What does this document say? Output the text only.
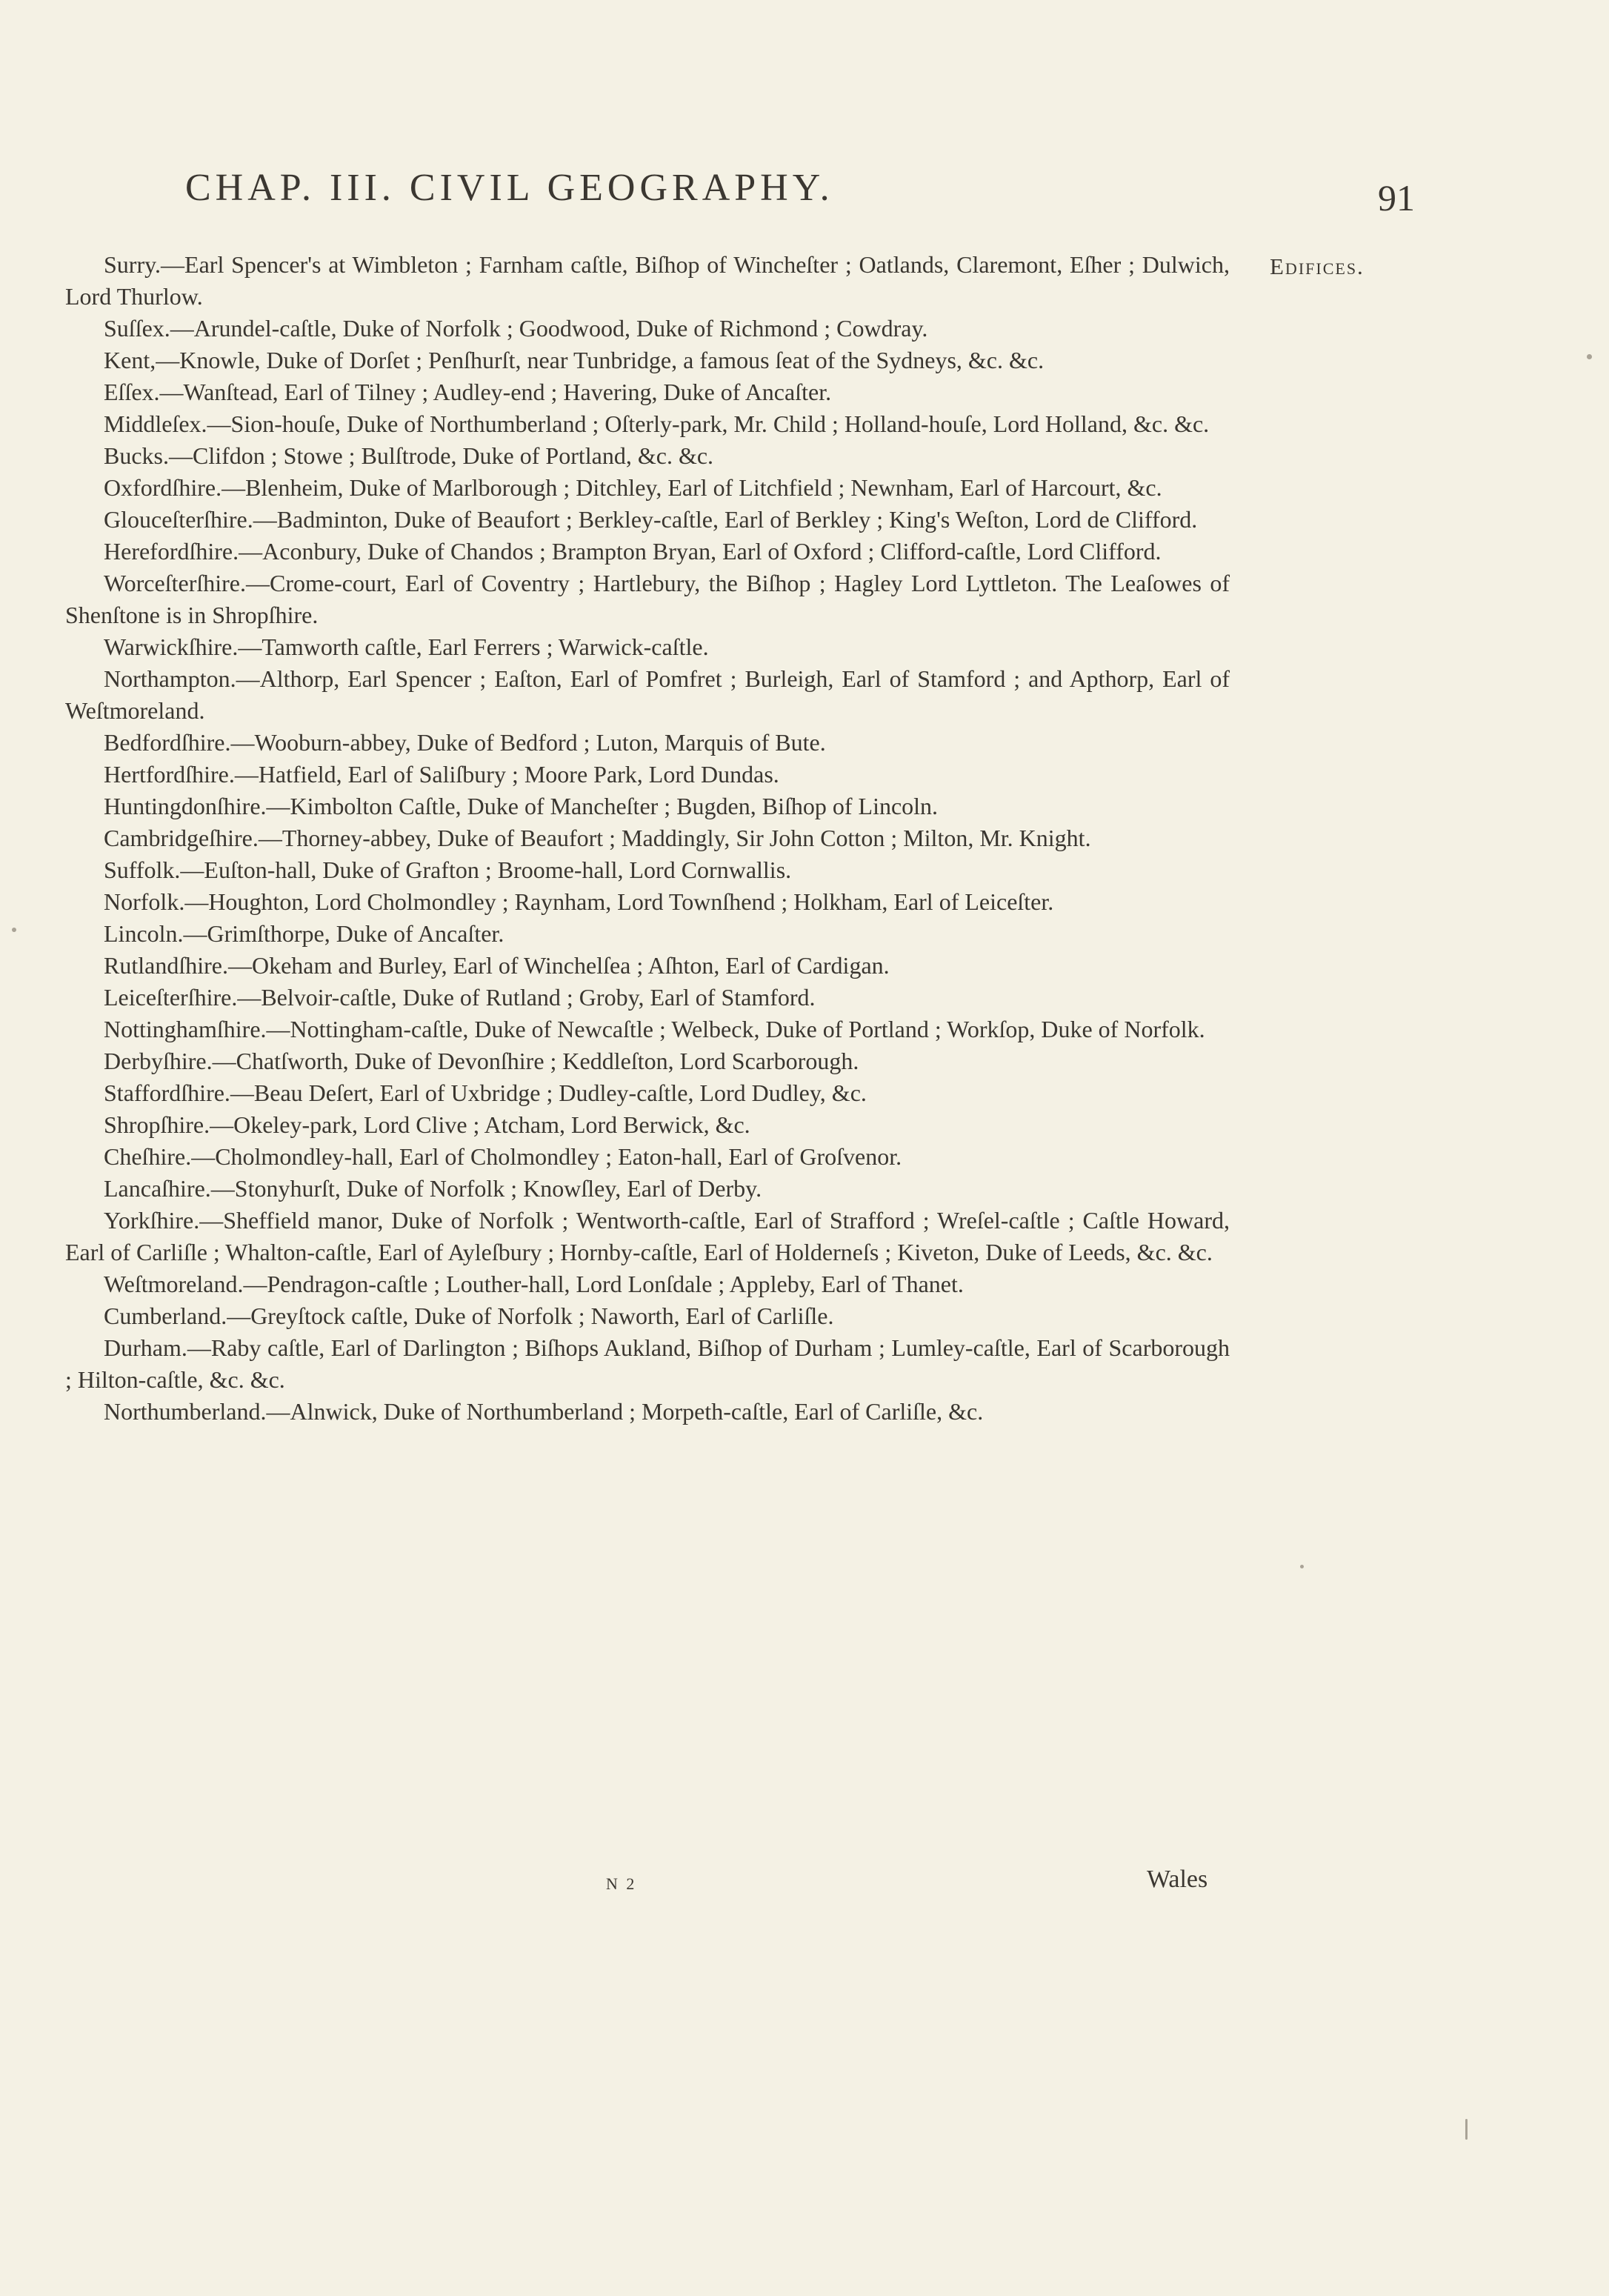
CHAP. III. CIVIL GEOGRAPHY.	91
Edifices.

Surry.—Earl Spencer's at Wimbleton ; Farnham caſtle, Biſhop of Wincheſter ; Oatlands, Claremont, Eſher ; Dulwich, Lord Thurlow.

Suſſex.—Arundel-caſtle, Duke of Norfolk ; Goodwood, Duke of Richmond ; Cowdray.

Kent,—Knowle, Duke of Dorſet ; Penſhurſt, near Tunbridge, a famous ſeat of the Sydneys, &c. &c.

Eſſex.—Wanſtead, Earl of Tilney ; Audley-end ; Havering, Duke of Ancaſter.

Middleſex.—Sion-houſe, Duke of Northumberland ; Oſterly-park, Mr. Child ; Holland-houſe, Lord Holland, &c. &c.

Bucks.—Clifdon ; Stowe ; Bulſtrode, Duke of Portland, &c. &c.

Oxfordſhire.—Blenheim, Duke of Marlborough ; Ditchley, Earl of Litchfield ; Newnham, Earl of Harcourt, &c.

Glouceſterſhire.—Badminton, Duke of Beaufort ; Berkley-caſtle, Earl of Berkley ; King's Weſton, Lord de Clifford.

Herefordſhire.—Aconbury, Duke of Chandos ; Brampton Bryan, Earl of Oxford ; Clifford-caſtle, Lord Clifford.

Worceſterſhire.—Crome-court, Earl of Coventry ; Hartlebury, the Biſhop ; Hagley Lord Lyttleton. The Leaſowes of Shenſtone is in Shropſhire.

Warwickſhire.—Tamworth caſtle, Earl Ferrers ; Warwick-caſtle.

Northampton.—Althorp, Earl Spencer ; Eaſton, Earl of Pomfret ; Burleigh, Earl of Stamford ; and Apthorp, Earl of Weſtmoreland.

Bedfordſhire.—Wooburn-abbey, Duke of Bedford ; Luton, Marquis of Bute.

Hertfordſhire.—Hatfield, Earl of Saliſbury ; Moore Park, Lord Dundas.

Huntingdonſhire.—Kimbolton Caſtle, Duke of Mancheſter ; Bugden, Biſhop of Lincoln.

Cambridgeſhire.—Thorney-abbey, Duke of Beaufort ; Maddingly, Sir John Cotton ; Milton, Mr. Knight.

Suffolk.—Euſton-hall, Duke of Grafton ; Broome-hall, Lord Cornwallis.

Norfolk.—Houghton, Lord Cholmondley ; Raynham, Lord Townſhend ; Holkham, Earl of Leiceſter.

Lincoln.—Grimſthorpe, Duke of Ancaſter.

Rutlandſhire.—Okeham and Burley, Earl of Winchelſea ; Aſhton, Earl of Cardigan.

Leiceſterſhire.—Belvoir-caſtle, Duke of Rutland ; Groby, Earl of Stamford.

Nottinghamſhire.—Nottingham-caſtle, Duke of Newcaſtle ; Welbeck, Duke of Portland ; Workſop, Duke of Norfolk.

Derbyſhire.—Chatſworth, Duke of Devonſhire ; Keddleſton, Lord Scarborough.

Staffordſhire.—Beau Deſert, Earl of Uxbridge ; Dudley-caſtle, Lord Dudley, &c.

Shropſhire.—Okeley-park, Lord Clive ; Atcham, Lord Berwick, &c.

Cheſhire.—Cholmondley-hall, Earl of Cholmondley ; Eaton-hall, Earl of Groſvenor.

Lancaſhire.—Stonyhurſt, Duke of Norfolk ; Knowſley, Earl of Derby.

Yorkſhire.—Sheffield manor, Duke of Norfolk ; Wentworth-caſtle, Earl of Strafford ; Wreſel-caſtle ; Caſtle Howard, Earl of Carliſle ; Whalton-caſtle, Earl of Ayleſbury ; Hornby-caſtle, Earl of Holderneſs ; Kiveton, Duke of Leeds, &c. &c.

Weſtmoreland.—Pendragon-caſtle ; Louther-hall, Lord Lonſdale ; Appleby, Earl of Thanet.

Cumberland.—Greyſtock caſtle, Duke of Norfolk ; Naworth, Earl of Carliſle.

Durham.—Raby caſtle, Earl of Darlington ; Biſhops Aukland, Biſhop of Durham ; Lumley-caſtle, Earl of Scarborough ; Hilton-caſtle, &c. &c.

Northumberland.—Alnwick, Duke of Northumberland ; Morpeth-caſtle, Earl of Carliſle, &c.

N 2	Wales
